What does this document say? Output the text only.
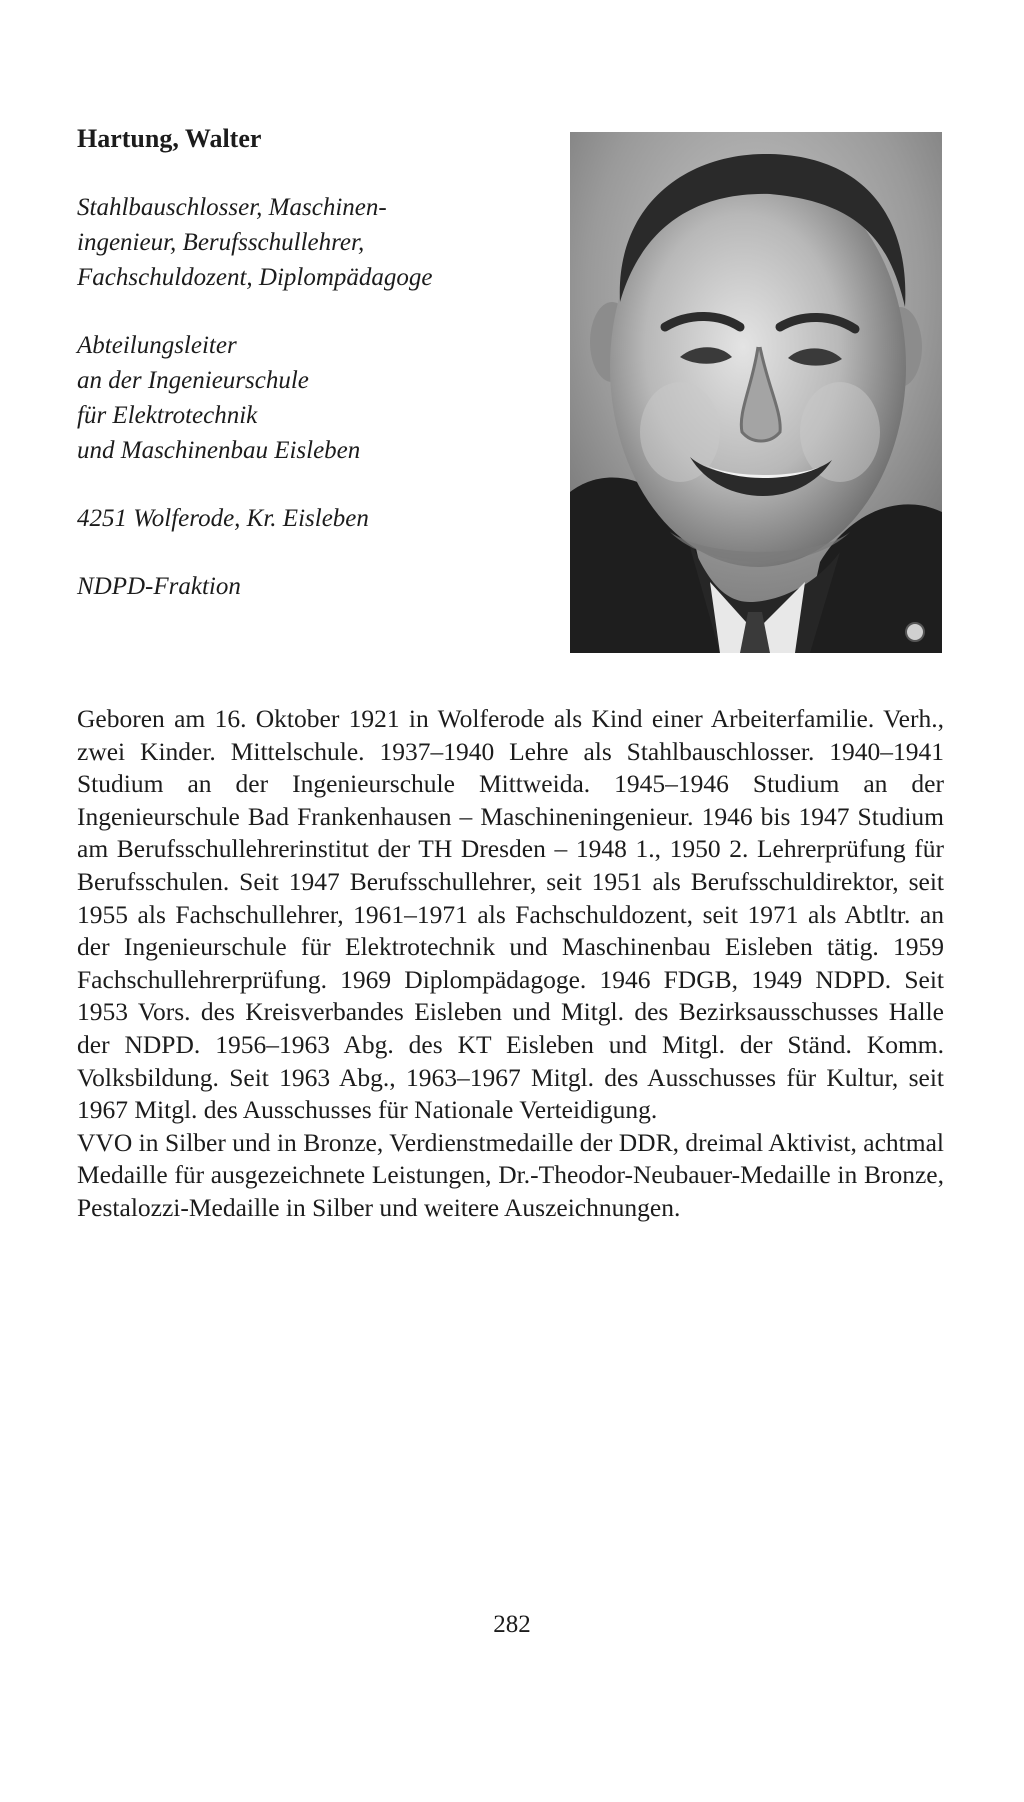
Hartung, Walter

Stahlbauschlosser, Maschinen-
ingenieur, Berufsschullehrer,
Fachschuldozent, Diplompädagoge

Abteilungsleiter
an der Ingenieurschule
für Elektrotechnik
und Maschinenbau Eisleben

4251 Wolferode, Kr. Eisleben

NDPD-Fraktion

Geboren am 16. Oktober 1921 in Wolferode als Kind einer Arbeiterfamilie. Verh., zwei Kinder. Mittelschule. 1937–1940 Lehre als Stahlbauschlosser. 1940–1941 Studium an der Ingenieurschule Mittweida. 1945–1946 Studium an der Ingenieurschule Bad Frankenhausen – Maschineningenieur. 1946 bis 1947 Studium am Berufsschullehrerinstitut der TH Dresden – 1948 1., 1950 2. Lehrerprüfung für Berufsschulen. Seit 1947 Berufsschullehrer, seit 1951 als Berufsschuldirektor, seit 1955 als Fachschullehrer, 1961–1971 als Fachschuldozent, seit 1971 als Abtltr. an der Ingenieurschule für Elektrotechnik und Maschinenbau Eisleben tätig. 1959 Fachschullehrerprüfung. 1969 Diplompädagoge. 1946 FDGB, 1949 NDPD. Seit 1953 Vors. des Kreisverbandes Eisleben und Mitgl. des Bezirksausschusses Halle der NDPD. 1956–1963 Abg. des KT Eisleben und Mitgl. der Ständ. Komm. Volksbildung. Seit 1963 Abg., 1963–1967 Mitgl. des Ausschusses für Kultur, seit 1967 Mitgl. des Ausschusses für Nationale Verteidigung.

VVO in Silber und in Bronze, Verdienstmedaille der DDR, dreimal Aktivist, achtmal Medaille für ausgezeichnete Leistungen, Dr.-Theodor-Neubauer-Medaille in Bronze, Pestalozzi-Medaille in Silber und weitere Auszeichnungen.

282
